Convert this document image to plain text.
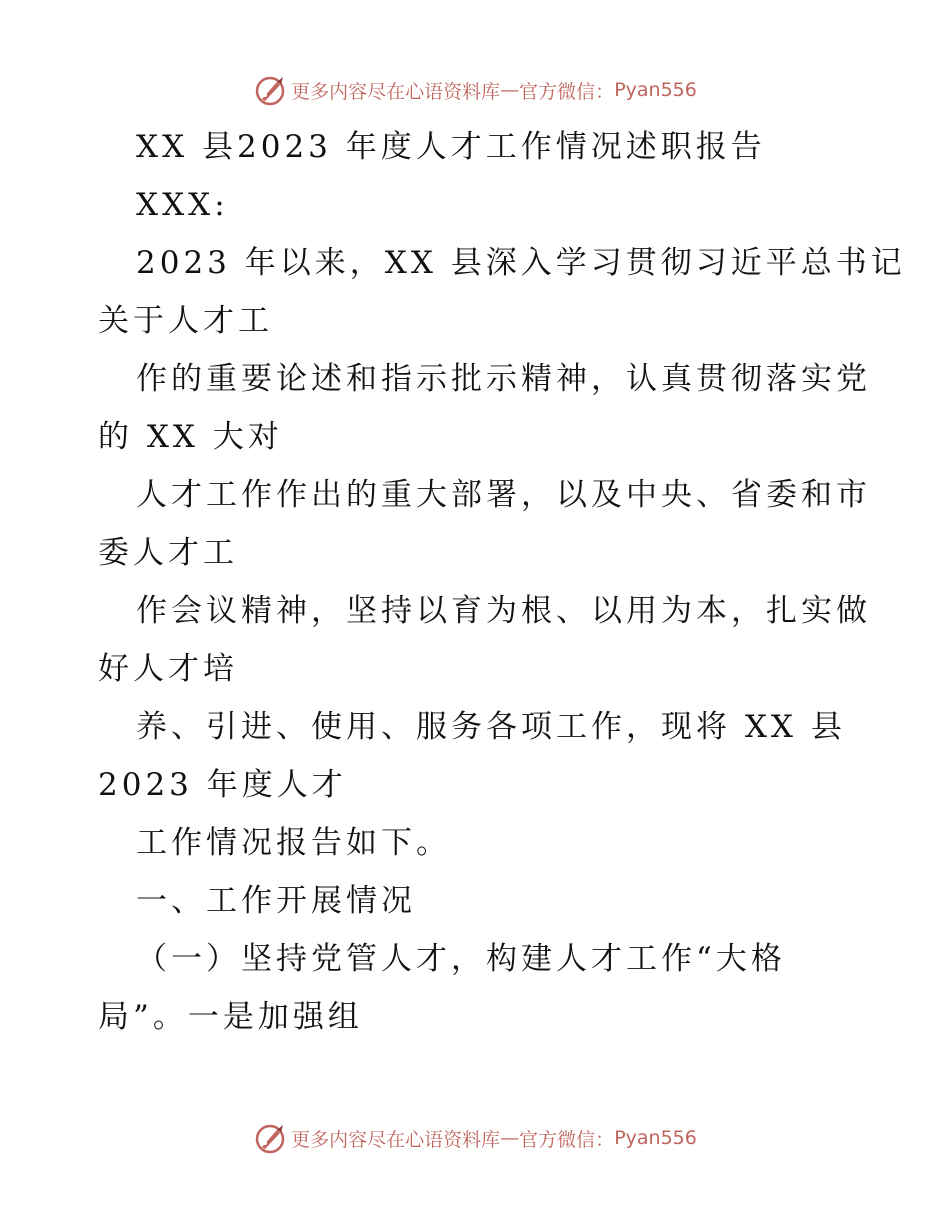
更多内容尽在心语资料库 — 官方微信： Pyan556
XX 县2023 年度人才工作情况述职报告
XXX:
2023 年以来，XX 县深入学习贯彻习近平总书记
关于人才工
作的重要论述和指示批示精神，认真贯彻落实党
的 XX 大对
人才工作作出的重大部署，以及中央、省委和市
委人才工
作会议精神，坚持以育为根、以用为本，扎实做
好人才培
养、引进、使用、服务各项工作，现将 XX 县
2023 年度人才
工作情况报告如下。
一、工作开展情况
（一）坚持党管人才，构建人才工作“大格
局”。一是加强组
更多内容尽在心语资料库 — 官方微信： Pyan556
